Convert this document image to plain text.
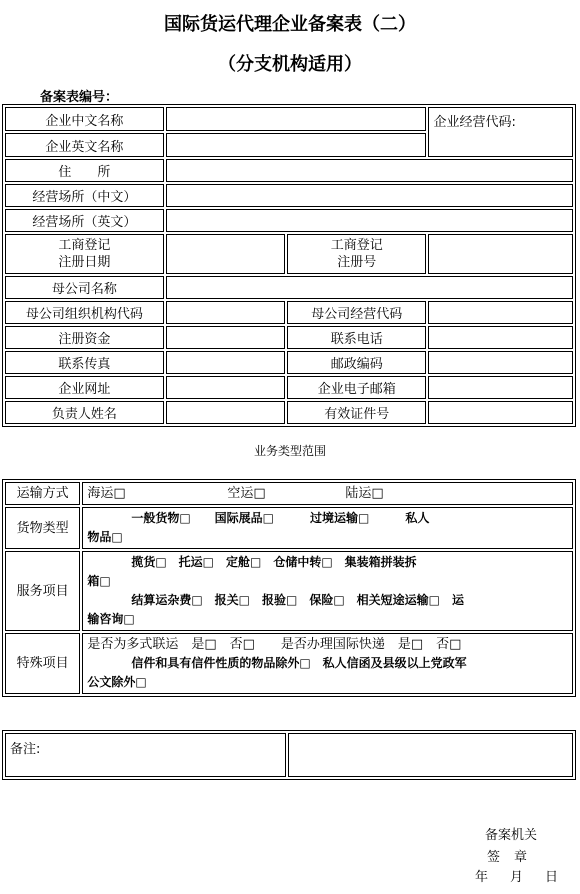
国际货运代理企业备案表（二）
（分支机构适用）
备案表编号：
企业中文名称			企业经营代码:
企业英文名称			
住　　所			
经营场所（中文）			
经营场所（英文）			
工商登记
注册日期		工商登记
注册号	
母公司名称			
母公司组织机构代码		母公司经营代码	
注册资金		联系电话	
联系传真		邮政编码	
企业网址		企业电子邮箱	
负责人姓名		有效证件号	
业务类型范围
运输方式	海运□ 空运□ 陆运□
货物类型	一般货物□　　国际展品□　　　过境运输□　　　私人
物品□
服务项目	揽货□　托运□　定舱□　仓储中转□　集装箱拼装拆
箱□
结算运杂费□　报关□　报验□　保险□　相关短途运输□　运
输咨询□
特殊项目	是否为多式联运　是□　否□　　是否办理国际快递　是□　否□
信件和具有信件性质的物品除外□　私人信函及县级以上党政军
公文除外□
备注:	
备案机关
签章
年 月 日
